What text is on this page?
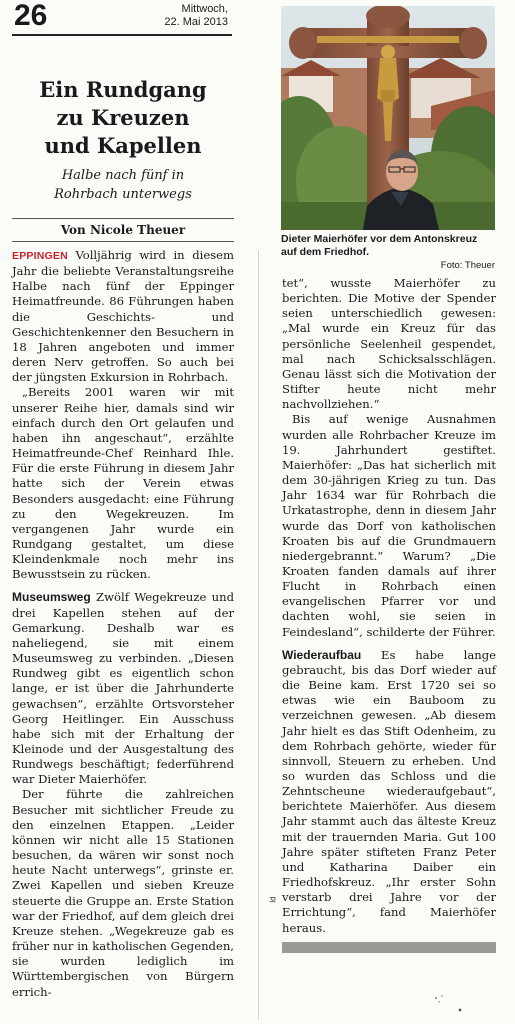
26	Mittwoch,
22. Mai 2013
Ein Rundgang
zu Kreuzen
und Kapellen

Halbe nach fünf in
Rohrbach unterwegs

Von Nicole Theuer

EPPINGEN Volljährig wird in diesem Jahr die beliebte Veranstaltungsreihe Halbe nach fünf der Eppinger Heimatfreunde. 86 Führungen haben die Geschichts- und Geschichtenkenner den Besuchern in 18 Jahren angeboten und immer deren Nerv getroffen. So auch bei der jüngsten Exkursion in Rohrbach.

„Bereits 2001 waren wir mit unserer Reihe hier, damals sind wir einfach durch den Ort gelaufen und haben ihn angeschaut“, erzählte Heimatfreunde-Chef Reinhard Ihle. Für die erste Führung in diesem Jahr hatte sich der Verein etwas Besonders ausgedacht: eine Führung zu den Wegekreuzen. Im vergangenen Jahr wurde ein Rundgang gestaltet, um diese Kleindenkmale noch mehr ins Bewusstsein zu rücken.

Museumsweg Zwölf Wegekreuze und drei Kapellen stehen auf der Gemarkung. Deshalb war es naheliegend, sie mit einem Museumsweg zu verbinden. „Diesen Rundweg gibt es eigentlich schon lange, er ist über die Jahrhunderte gewachsen“, erzählte Ortsvorsteher Georg Heitlinger. Ein Ausschuss habe sich mit der Erhaltung der Kleinode und der Ausgestaltung des Rundwegs beschäftigt; federführend war Dieter Maierhöfer.

Der führte die zahlreichen Besucher mit sichtlicher Freude zu den einzelnen Etappen. „Leider können wir nicht alle 15 Stationen besuchen, da wären wir sonst noch heute Nacht unterwegs“, grinste er. Zwei Kapellen und sieben Kreuze steuerte die Gruppe an. Erste Station war der Friedhof, auf dem gleich drei Kreuze stehen. „Wegekreuze gab es früher nur in katholischen Gegenden, sie wurden lediglich im Württembergischen von Bürgern errich-

Dieter Maierhöfer vor dem Antonskreuz auf dem Friedhof.
Foto: Theuer

tet“, wusste Maierhöfer zu berichten. Die Motive der Spender seien unterschiedlich gewesen: „Mal wurde ein Kreuz für das persönliche Seelenheil gespendet, mal nach Schicksalsschlägen. Genau lässt sich die Motivation der Stifter heute nicht mehr nachvollziehen.“

Bis auf wenige Ausnahmen wurden alle Rohrbacher Kreuze im 19. Jahrhundert gestiftet. Maierhöfer: „Das hat sicherlich mit dem 30-jährigen Krieg zu tun. Das Jahr 1634 war für Rohrbach die Urkatastrophe, denn in diesem Jahr wurde das Dorf von katholischen Kroaten bis auf die Grundmauern niedergebrannt.“ Warum? „Die Kroaten fanden damals auf ihrer Flucht in Rohrbach einen evangelischen Pfarrer vor und dachten wohl, sie seien in Feindesland“, schilderte der Führer.

Wiederaufbau Es habe lange gebraucht, bis das Dorf wieder auf die Beine kam. Erst 1720 sei so etwas wie ein Bauboom zu verzeichnen gewesen. „Ab diesem Jahr hielt es das Stift Odenheim, zu dem Rohrbach gehörte, wieder für sinnvoll, Steuern zu erheben. Und so wurden das Schloss und die Zehntscheune wiederaufgebaut“, berichtete Maierhöfer. Aus diesem Jahr stammt auch das älteste Kreuz mit der trauernden Maria. Gut 100 Jahre später stifteten Franz Peter und Katharina Daiber ein Friedhofskreuz. „Ihr erster Sohn verstarb drei Jahre vor der Errichtung“, fand Maierhöfer heraus.

ld
